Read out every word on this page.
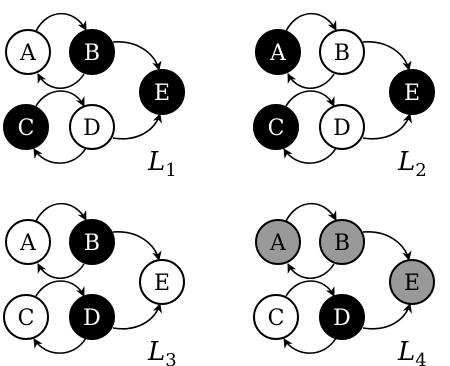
A B
C D
E
$L_1$
A B
C D
E
$L_2$
A B
C D
E
$L_3$
A B
C D
E
$L_4$
